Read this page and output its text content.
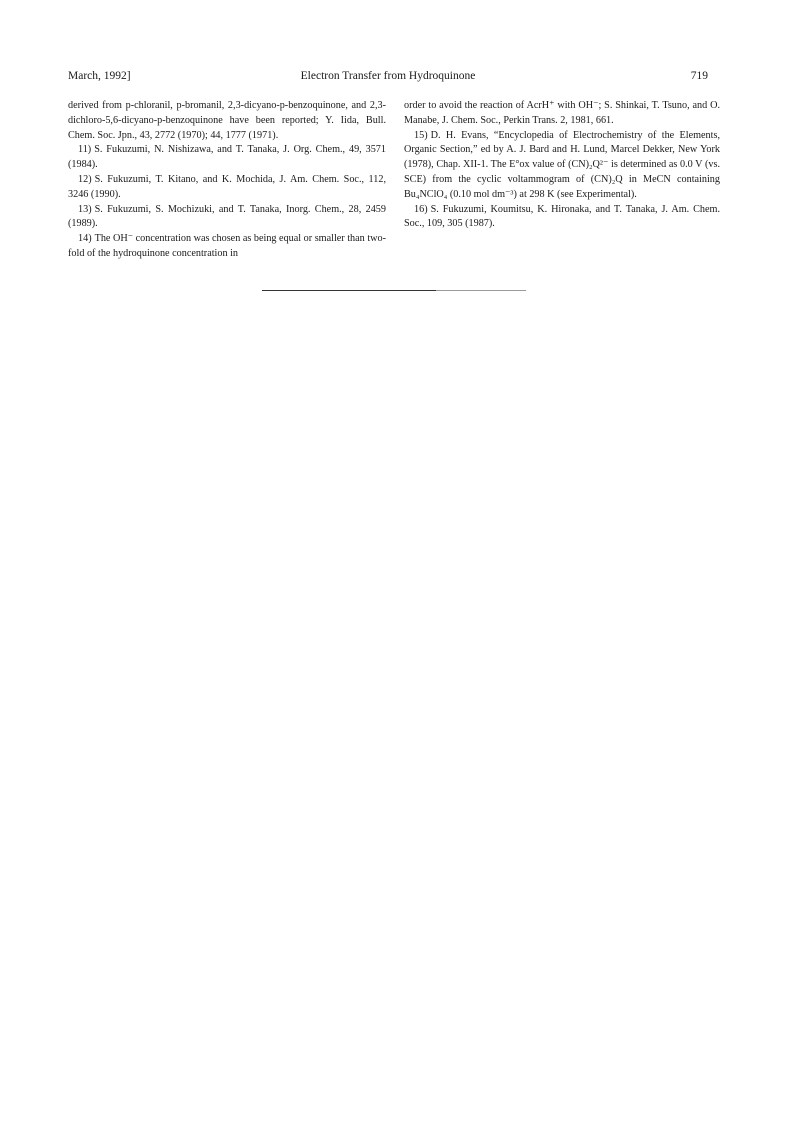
March, 1992]	Electron Transfer from Hydroquinone	719

derived from p-chloranil, p-bromanil, 2,3-dicyano-p-benzoquinone, and 2,3-dichloro-5,6-dicyano-p-benzoquinone have been reported; Y. Iida, Bull. Chem. Soc. Jpn., 43, 2772 (1970); 44, 1777 (1971).

11) S. Fukuzumi, N. Nishizawa, and T. Tanaka, J. Org. Chem., 49, 3571 (1984).

12) S. Fukuzumi, T. Kitano, and K. Mochida, J. Am. Chem. Soc., 112, 3246 (1990).

13) S. Fukuzumi, S. Mochizuki, and T. Tanaka, Inorg. Chem., 28, 2459 (1989).

14) The OH⁻ concentration was chosen as being equal or smaller than two-fold of the hydroquinone concentration in

order to avoid the reaction of AcrH⁺ with OH⁻; S. Shinkai, T. Tsuno, and O. Manabe, J. Chem. Soc., Perkin Trans. 2, 1981, 661.

15) D. H. Evans, “Encyclopedia of Electrochemistry of the Elements, Organic Section,” ed by A. J. Bard and H. Lund, Marcel Dekker, New York (1978), Chap. XII-1. The E°ox value of (CN)₂Q²⁻ is determined as 0.0 V (vs. SCE) from the cyclic voltammogram of (CN)₂Q in MeCN containing Bu₄NClO₄ (0.10 mol dm⁻³) at 298 K (see Experimental).

16) S. Fukuzumi, Koumitsu, K. Hironaka, and T. Tanaka, J. Am. Chem. Soc., 109, 305 (1987).
